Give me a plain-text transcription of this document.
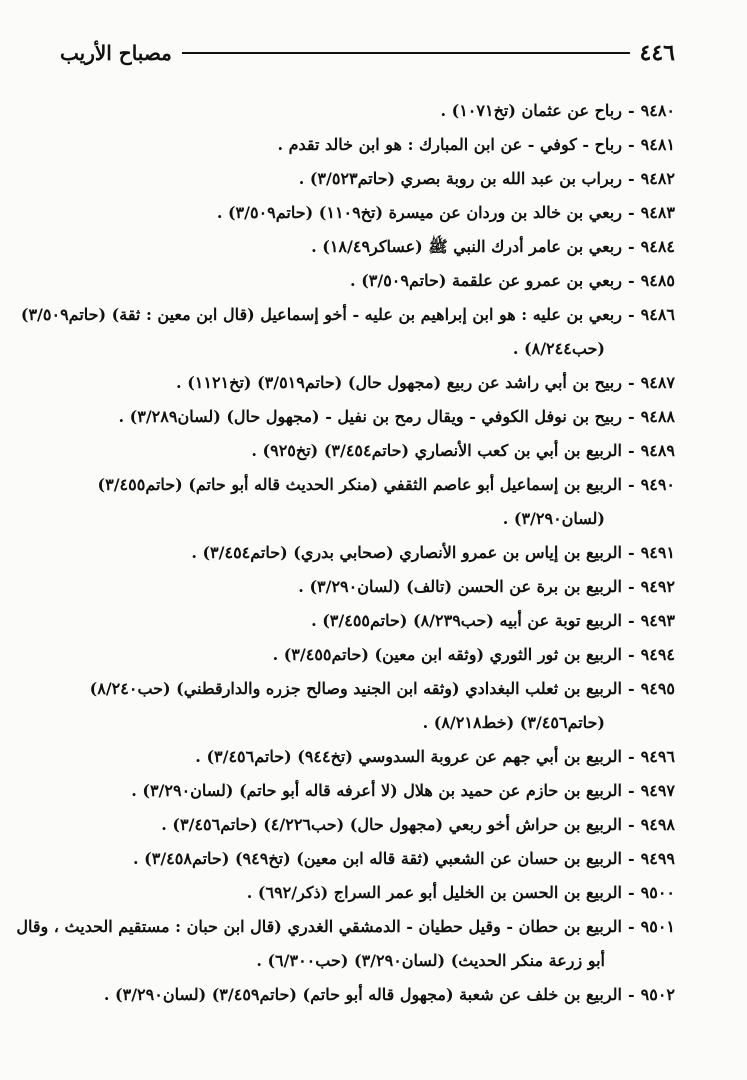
٤٤٦
مصباح الأريب
٩٤٨٠-رباح عن عثمان (تخ١٠٧١) .
٩٤٨١-رباح - كوفي - عن ابن المبارك : هو ابن خالد تقدم .
٩٤٨٢-ربراب بن عبد الله بن روبة بصري (حاتم٣/٥٢٣) .
٩٤٨٣-ربعي بن خالد بن وردان عن ميسرة (تخ١١٠٩) (حاتم٣/٥٠٩) .
٩٤٨٤-ربعي بن عامر أدرك النبي ﷺ (عساكر١٨/٤٩) .
٩٤٨٥-ربعي بن عمرو عن علقمة (حاتم٣/٥٠٩) .
٩٤٨٦-ربعي بن عليه : هو ابن إبراهيم بن عليه - أخو إسماعيل (قال ابن معين : ثقة) (حاتم٣/٥٠٩)
(حب٨/٢٤٤) .
٩٤٨٧-ربيح بن أبي راشد عن ربيع (مجهول حال) (حاتم٣/٥١٩) (تخ١١٢١) .
٩٤٨٨-ربيح بن نوفل الكوفي - ويقال رمح بن نفيل - (مجهول حال) (لسان٣/٢٨٩) .
٩٤٨٩-الربيع بن أبي بن كعب الأنصاري (حاتم٣/٤٥٤) (تخ٩٢٥) .
٩٤٩٠-الربيع بن إسماعيل أبو عاصم الثقفي (منكر الحديث قاله أبو حاتم) (حاتم٣/٤٥٥)
(لسان٣/٢٩٠) .
٩٤٩١-الربيع بن إياس بن عمرو الأنصاري (صحابي بدري) (حاتم٣/٤٥٤) .
٩٤٩٢-الربيع بن برة عن الحسن (تالف) (لسان٣/٢٩٠) .
٩٤٩٣-الربيع توبة عن أبيه (حب٨/٢٣٩) (حاتم٣/٤٥٥) .
٩٤٩٤-الربيع بن ثور الثوري (وثقه ابن معين) (حاتم٣/٤٥٥) .
٩٤٩٥-الربيع بن ثعلب البغدادي (وثقه ابن الجنيد وصالح جزره والدارقطني) (حب٨/٢٤٠)
(حاتم٣/٤٥٦) (خط٨/٢١٨) .
٩٤٩٦-الربيع بن أبي جهم عن عروبة السدوسي (تخ٩٤٤) (حاتم٣/٤٥٦) .
٩٤٩٧-الربيع بن حازم عن حميد بن هلال (لا أعرفه قاله أبو حاتم) (لسان٣/٢٩٠) .
٩٤٩٨-الربيع بن حراش أخو ربعي (مجهول حال) (حب٤/٢٢٦) (حاتم٣/٤٥٦) .
٩٤٩٩-الربيع بن حسان عن الشعبي (ثقة قاله ابن معين) (تخ٩٤٩) (حاتم٣/٤٥٨) .
٩٥٠٠-الربيع بن الحسن بن الخليل أبو عمر السراج (ذكر/٦٩٢) .
٩٥٠١-الربيع بن حطان - وقيل حطيان - الدمشقي الغدري (قال ابن حبان : مستقيم الحديث ، وقال
أبو زرعة منكر الحديث) (لسان٣/٢٩٠) (حب٦/٣٠٠) .
٩٥٠٢-الربيع بن خلف عن شعبة (مجهول قاله أبو حاتم) (حاتم٣/٤٥٩) (لسان٣/٢٩٠) .
